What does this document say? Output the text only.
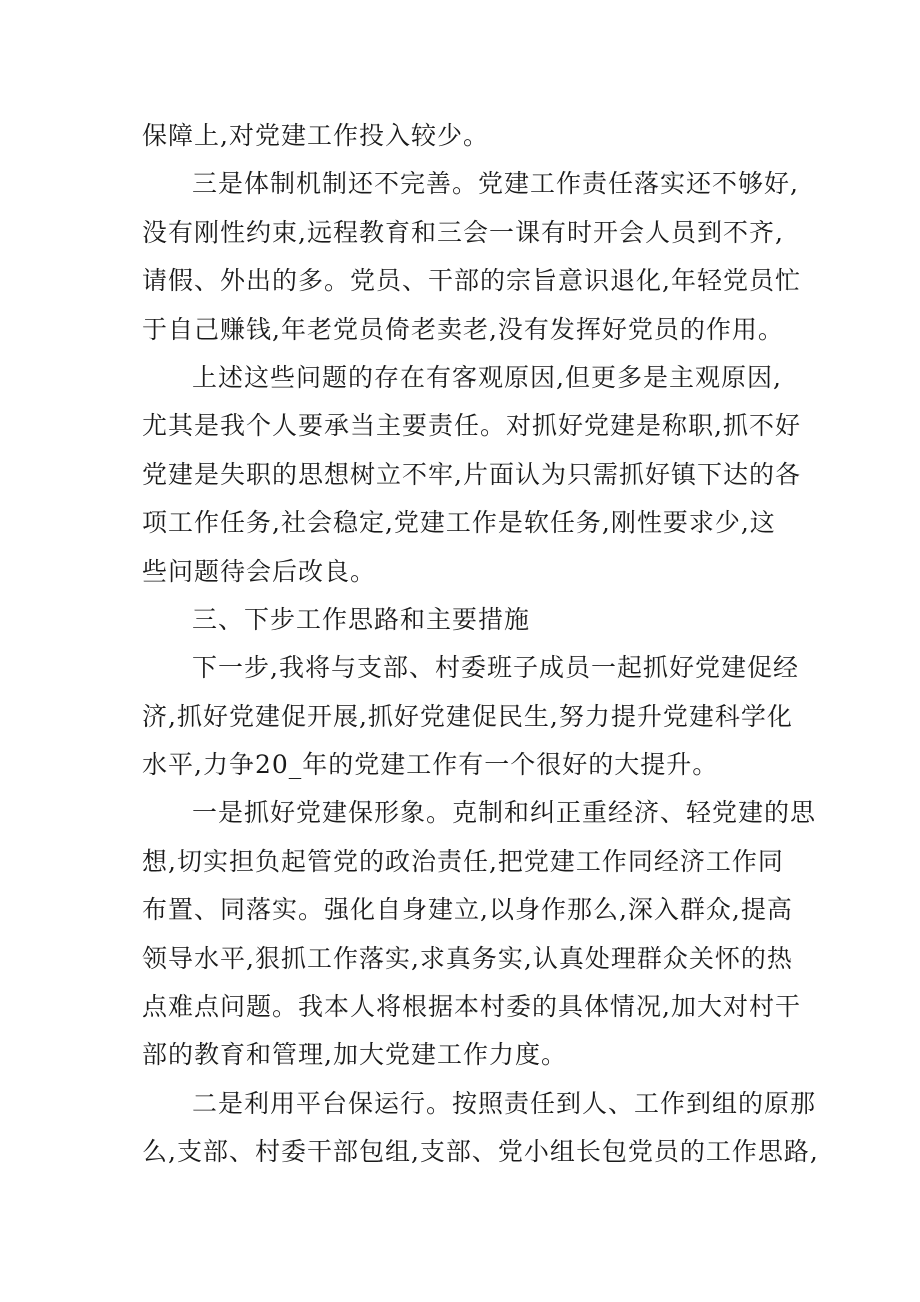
保障上,对党建工作投入较少。
三是体制机制还不完善。党建工作责任落实还不够好,
没有刚性约束,远程教育和三会一课有时开会人员到不齐,
请假、外出的多。党员、干部的宗旨意识退化,年轻党员忙
于自己赚钱,年老党员倚老卖老,没有发挥好党员的作用。
上述这些问题的存在有客观原因,但更多是主观原因,
尤其是我个人要承当主要责任。对抓好党建是称职,抓不好
党建是失职的思想树立不牢,片面认为只需抓好镇下达的各
项工作任务,社会稳定,党建工作是软任务,刚性要求少,这
些问题待会后改良。
三、下步工作思路和主要措施
下一步,我将与支部、村委班子成员一起抓好党建促经
济,抓好党建促开展,抓好党建促民生,努力提升党建科学化
水平,力争20_年的党建工作有一个很好的大提升。
一是抓好党建保形象。克制和纠正重经济、轻党建的思
想,切实担负起管党的政治责任,把党建工作同经济工作同
布置、同落实。强化自身建立,以身作那么,深入群众,提高
领导水平,狠抓工作落实,求真务实,认真处理群众关怀的热
点难点问题。我本人将根据本村委的具体情况,加大对村干
部的教育和管理,加大党建工作力度。
二是利用平台保运行。按照责任到人、工作到组的原那
么,支部、村委干部包组,支部、党小组长包党员的工作思路,
